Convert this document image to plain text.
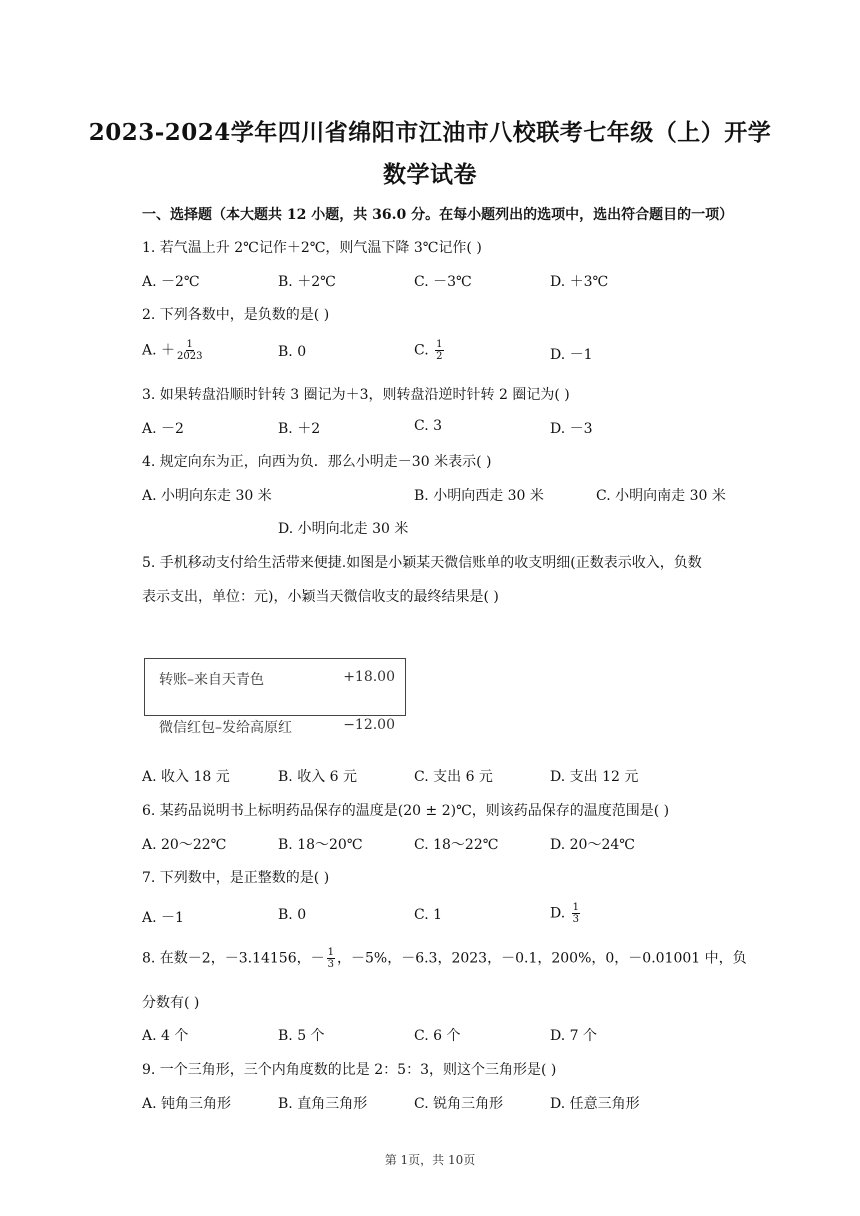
2023-2024学年四川省绵阳市江油市八校联考七年级（上）开学
数学试卷
一、选择题（本大题共 12 小题，共 36.0 分。在每小题列出的选项中，选出符合题目的一项）
1. 若气温上升 2℃记作＋2℃，则气温下降 3℃记作( )
A. －2℃	B. ＋2℃	C. －3℃	D. ＋3℃
2. 下列各数中，是负数的是( )
A. ＋ $\frac{1}{2023}$	B. 0	C. $\frac{1}{2}$	D. －1
3. 如果转盘沿顺时针转 3 圈记为＋3，则转盘沿逆时针转 2 圈记为( )
A. －2	B. ＋2	C. 3	D. －3
4. 规定向东为正，向西为负．那么小明走－30 米表示( )
A. 小明向东走 30 米	B. 小明向西走 30 米	C. 小明向南走 30 米
D. 小明向北走 30 米
5. 手机移动支付给生活带来便捷.如图是小颖某天微信账单的收支明细(正数表示收入，负数
表示支出，单位：元)，小颖当天微信收支的最终结果是( )
转账–来自天青色	+18.00
微信红包–发给高原红	−12.00
A. 收入 18 元	B. 收入 6 元	C. 支出 6 元	D. 支出 12 元
6. 某药品说明书上标明药品保存的温度是(20 ± 2)℃，则该药品保存的温度范围是( )
A. 20～22℃	B. 18～20℃	C. 18～22℃	D. 20～24℃
7. 下列数中，是正整数的是( )
A. －1	B. 0	C. 1	D. $\frac{1}{3}$
8. 在数－2，－3.14156，－ $\frac{1}{3}$ ，－5%，－6.3，2023，－0.1，200%，0，－0.01001 中，负
分数有( )
A. 4 个	B. 5 个	C. 6 个	D. 7 个
9. 一个三角形，三个内角度数的比是 2：5：3，则这个三角形是( )
A. 钝角三角形	B. 直角三角形	C. 锐角三角形	D. 任意三角形
第 1页，共 10页
